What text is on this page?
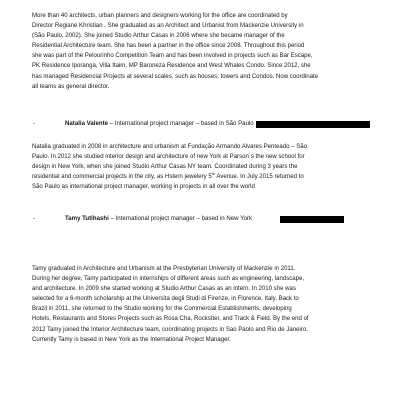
More than 40 architects, urban planners and designers working for the office are coordinated by
Director Regiane Khristian . She graduated as an Architect and Urbanist from Mackenzie University in
(São Paulo, 2002). She joined Studio Arthur Casas in 2006 where she became manager of the
Residential Architecture team. She has been a partner in the office since 2008. Throughout this period
she was part of the Pelourinho Competition Team and has been involved in projects such as Bar Escape,
PK Residence Iporanga, Villa Itaim, MP Baroneza Residence and West Whales Condo. Since 2012, she
has managed Residencial Projects at several scales, such as houses, towers and Condos. Now coordinate
all teams as general director.

-	Natalia Valente – International project manager – based in São Paulo

Natalia graduated in 2008 in architecture and urbanism at Fundação Armando Alvares Penteado – São
Paulo. In 2012 she studied interior design and architecture of new York at Parson´s the new school for
design in New York, when she joined Studio Arthur Casas NY team. Coordinated during 3 years the
residential and commercial projects in the city, as Hstern jewelery 5th Avenue. In July 2015 returned to
São Paulo as international project manager, working in projects in all over the world

-	Tamy Tutihashi – International project manager – based in New York

Tamy graduated in Architecture and Urbanism at the Presbyterian University of Mackenzie in 2011.
During her degree, Tamy participated in internships of different areas such as engineering, landscape,
and architecture. In 2009 she started working at Studio Arthur Casas as an intern. In 2010 she was
selected for a 6-month scholarship at the Universita degli Studi di Firenze, in Florence, Italy. Back to
Brazil in 2011, she returned to the Studio working for the Commercial Establishments, developing
Hotels, Restaurants and Stores Projects such as Rosa Cha, Rockstter, and Track & Field. By the end of
2012 Tamy joined the Interior Architecture team, coordinating projects in Sao Paolo and Rio de Janeiro.
Currently Tamy is based in New York as the International Project Manager.
